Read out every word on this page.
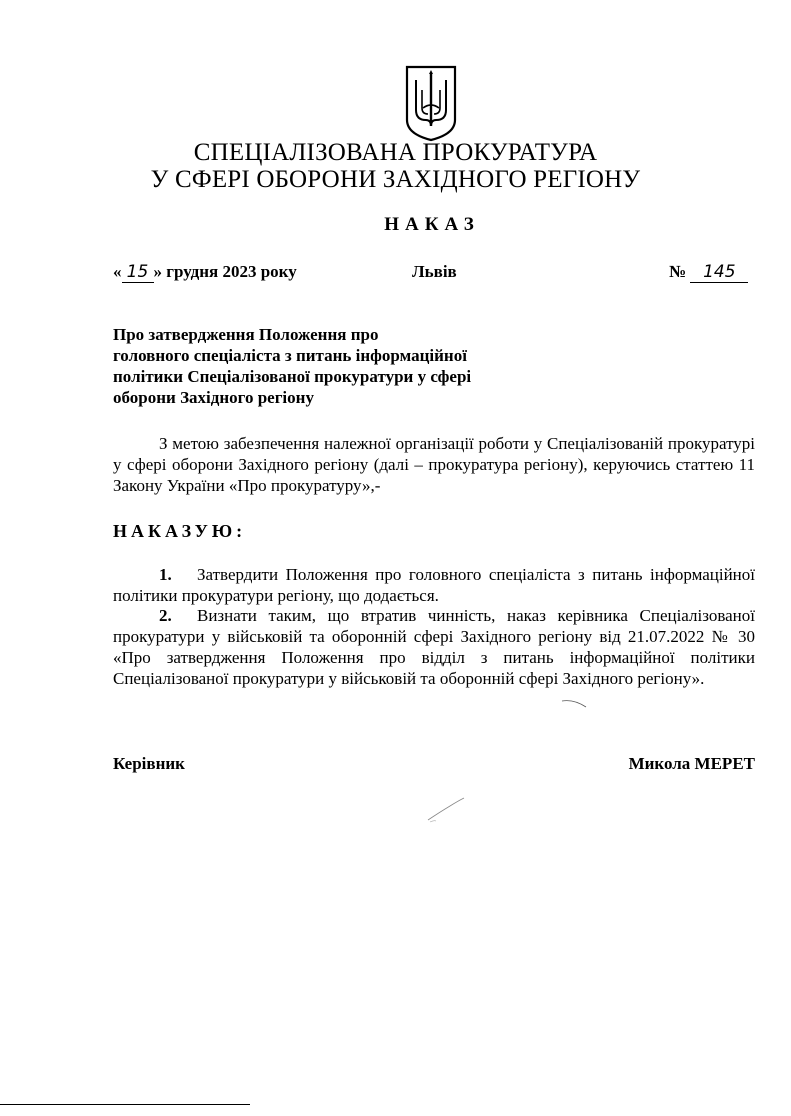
СПЕЦІАЛІЗОВАНА ПРОКУРАТУРА
У СФЕРІ ОБОРОНИ ЗАХІДНОГО РЕГІОНУ
НАКАЗ
« 15 » грудня 2023 року	Львів	№ 145
Про затвердження Положення про
головного спеціаліста з питань інформаційної
політики Спеціалізованої прокуратури у сфері
оборони Західного регіону
З метою забезпечення належної організації роботи у Спеціалізованій прокуратурі у сфері оборони Західного регіону (далі – прокуратура регіону), керуючись статтею 11 Закону України «Про прокуратуру»,-
НАКАЗУЮ:
1. Затвердити Положення про головного спеціаліста з питань інформаційної політики прокуратури регіону, що додається.
2. Визнати таким, що втратив чинність, наказ керівника Спеціалізованої прокуратури у військовій та оборонній сфері Західного регіону від 21.07.2022 № 30 «Про затвердження Положення про відділ з питань інформаційної політики Спеціалізованої прокуратури у військовій та оборонній сфері Західного регіону».
Керівник	Микола МЕРЕТ
